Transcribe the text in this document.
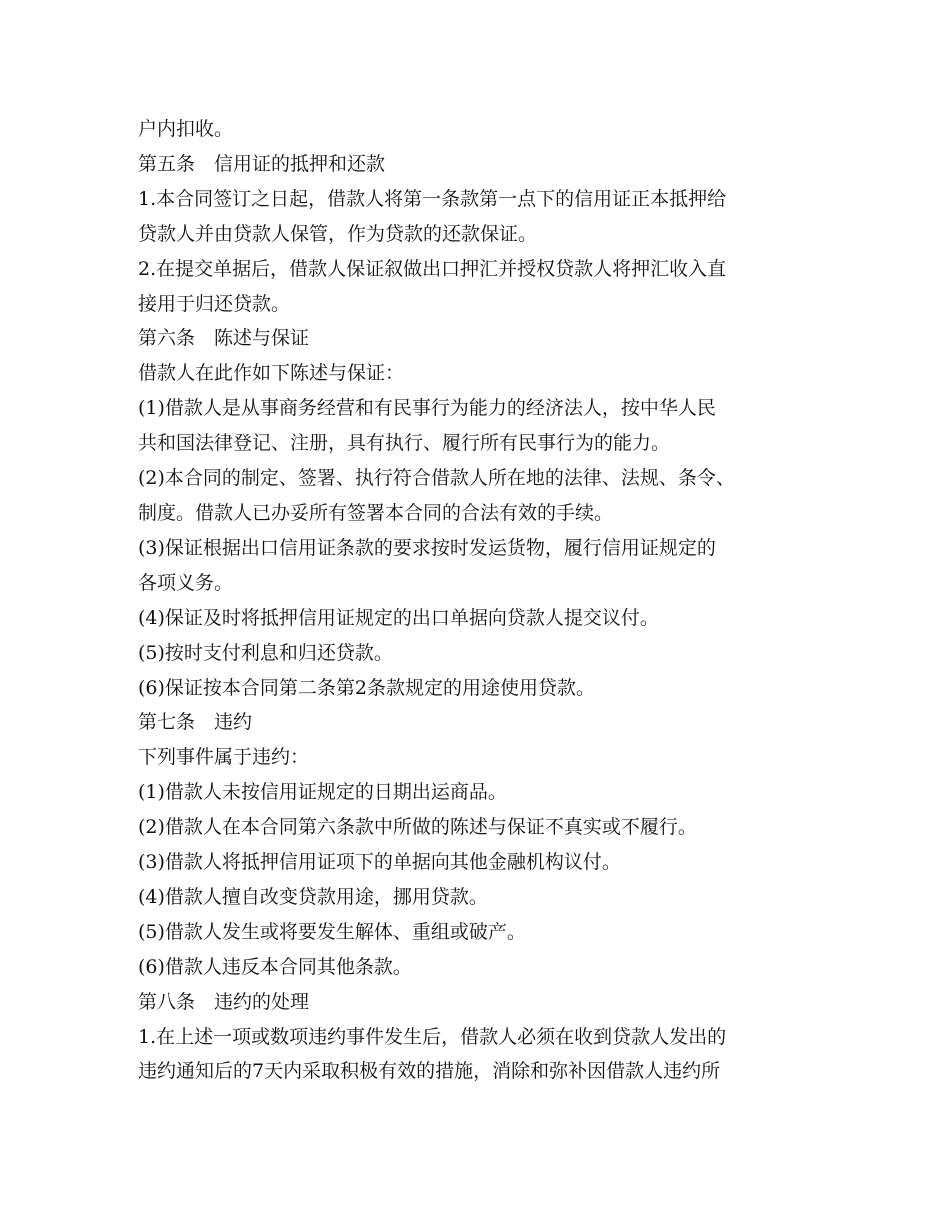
户内扣收。

第五条　信用证的抵押和还款

1.本合同签订之日起，借款人将第一条款第一点下的信用证正本抵押给

贷款人并由贷款人保管，作为贷款的还款保证。

2.在提交单据后，借款人保证叙做出口押汇并授权贷款人将押汇收入直

接用于归还贷款。

第六条　陈述与保证

借款人在此作如下陈述与保证：

(1)借款人是从事商务经营和有民事行为能力的经济法人，按中华人民

共和国法律登记、注册，具有执行、履行所有民事行为的能力。

(2)本合同的制定、签署、执行符合借款人所在地的法律、法规、条令、

制度。借款人已办妥所有签署本合同的合法有效的手续。

(3)保证根据出口信用证条款的要求按时发运货物，履行信用证规定的

各项义务。

(4)保证及时将抵押信用证规定的出口单据向贷款人提交议付。

(5)按时支付利息和归还贷款。

(6)保证按本合同第二条第2条款规定的用途使用贷款。

第七条　违约

下列事件属于违约：

(1)借款人未按信用证规定的日期出运商品。

(2)借款人在本合同第六条款中所做的陈述与保证不真实或不履行。

(3)借款人将抵押信用证项下的单据向其他金融机构议付。

(4)借款人擅自改变贷款用途，挪用贷款。

(5)借款人发生或将要发生解体、重组或破产。

(6)借款人违反本合同其他条款。

第八条　违约的处理

1.在上述一项或数项违约事件发生后，借款人必须在收到贷款人发出的

违约通知后的7天内采取积极有效的措施，消除和弥补因借款人违约所
